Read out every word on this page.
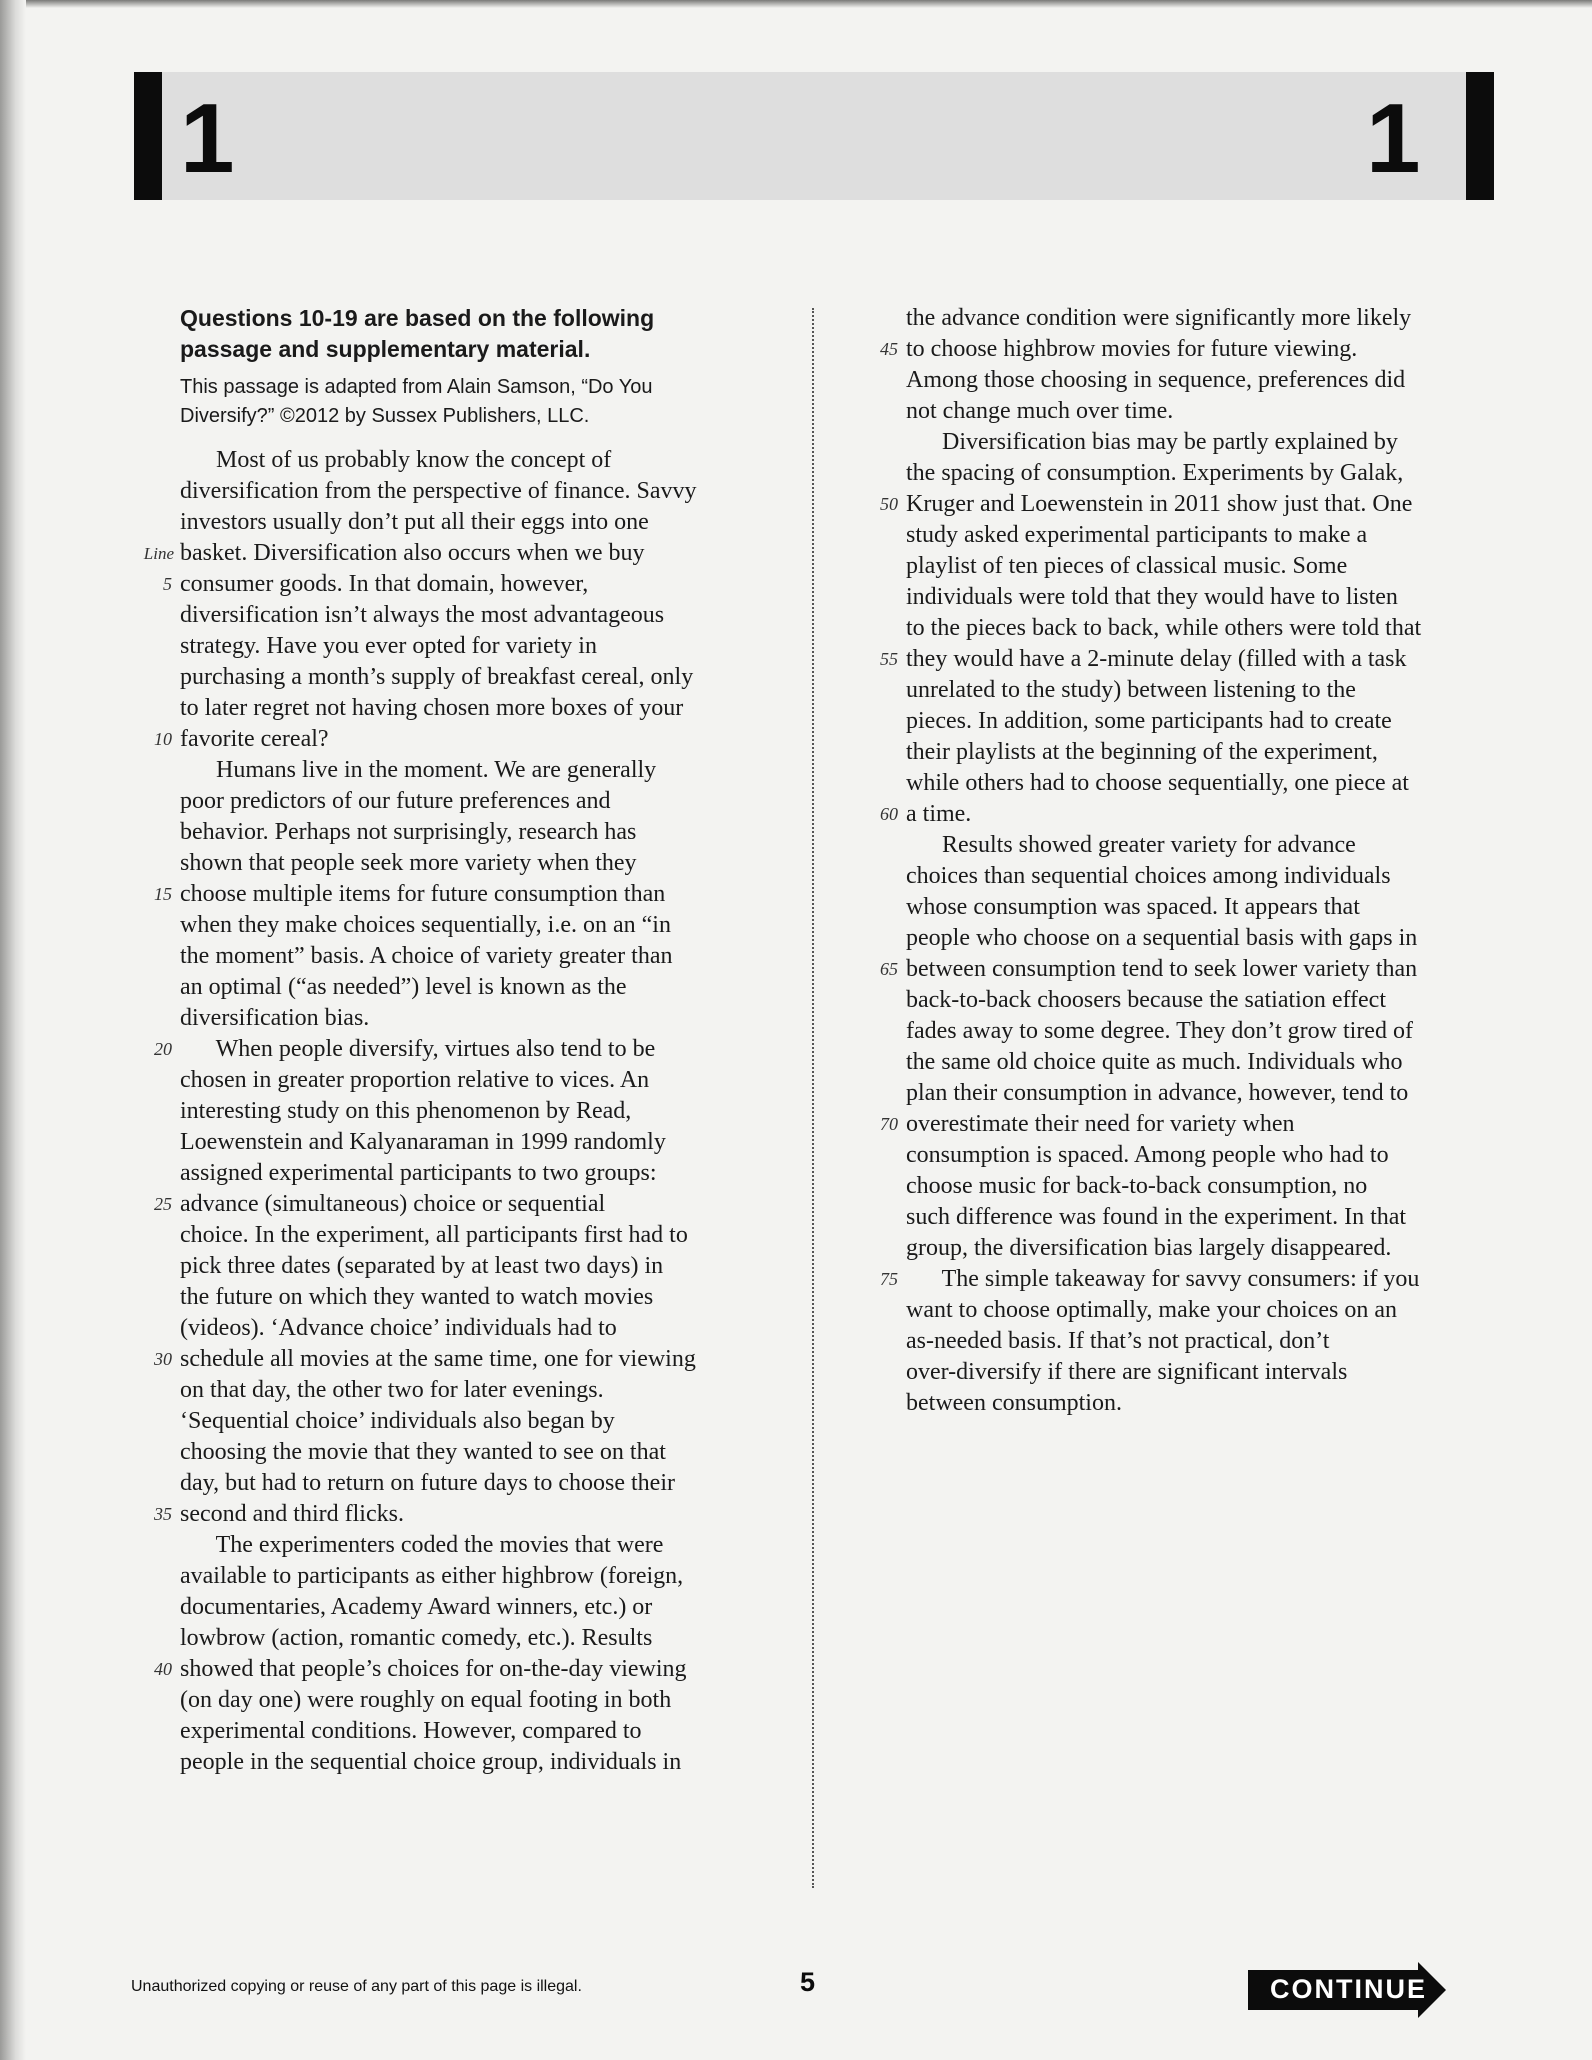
1	1
Questions 10-19 are based on the following
passage and supplementary material.
This passage is adapted from Alain Samson, “Do You
Diversify?” ©2012 by Sussex Publishers, LLC.
Most of us probably know the concept of
diversification from the perspective of finance. Savvy
investors usually don’t put all their eggs into one
Line basket. Diversification also occurs when we buy
5 consumer goods. In that domain, however,
diversification isn’t always the most advantageous
strategy. Have you ever opted for variety in
purchasing a month’s supply of breakfast cereal, only
to later regret not having chosen more boxes of your
10 favorite cereal?
Humans live in the moment. We are generally
poor predictors of our future preferences and
behavior. Perhaps not surprisingly, research has
shown that people seek more variety when they
15 choose multiple items for future consumption than
when they make choices sequentially, i.e. on an “in
the moment” basis. A choice of variety greater than
an optimal (“as needed”) level is known as the
diversification bias.
20 When people diversify, virtues also tend to be
chosen in greater proportion relative to vices. An
interesting study on this phenomenon by Read,
Loewenstein and Kalyanaraman in 1999 randomly
assigned experimental participants to two groups:
25 advance (simultaneous) choice or sequential
choice. In the experiment, all participants first had to
pick three dates (separated by at least two days) in
the future on which they wanted to watch movies
(videos). ‘Advance choice’ individuals had to
30 schedule all movies at the same time, one for viewing
on that day, the other two for later evenings.
‘Sequential choice’ individuals also began by
choosing the movie that they wanted to see on that
day, but had to return on future days to choose their
35 second and third flicks.
The experimenters coded the movies that were
available to participants as either highbrow (foreign,
documentaries, Academy Award winners, etc.) or
lowbrow (action, romantic comedy, etc.). Results
40 showed that people’s choices for on-the-day viewing
(on day one) were roughly on equal footing in both
experimental conditions. However, compared to
people in the sequential choice group, individuals in
the advance condition were significantly more likely
45 to choose highbrow movies for future viewing.
Among those choosing in sequence, preferences did
not change much over time.
Diversification bias may be partly explained by
the spacing of consumption. Experiments by Galak,
50 Kruger and Loewenstein in 2011 show just that. One
study asked experimental participants to make a
playlist of ten pieces of classical music. Some
individuals were told that they would have to listen
to the pieces back to back, while others were told that
55 they would have a 2-minute delay (filled with a task
unrelated to the study) between listening to the
pieces. In addition, some participants had to create
their playlists at the beginning of the experiment,
while others had to choose sequentially, one piece at
60 a time.
Results showed greater variety for advance
choices than sequential choices among individuals
whose consumption was spaced. It appears that
people who choose on a sequential basis with gaps in
65 between consumption tend to seek lower variety than
back-to-back choosers because the satiation effect
fades away to some degree. They don’t grow tired of
the same old choice quite as much. Individuals who
plan their consumption in advance, however, tend to
70 overestimate their need for variety when
consumption is spaced. Among people who had to
choose music for back-to-back consumption, no
such difference was found in the experiment. In that
group, the diversification bias largely disappeared.
75 The simple takeaway for savvy consumers: if you
want to choose optimally, make your choices on an
as-needed basis. If that’s not practical, don’t
over-diversify if there are significant intervals
between consumption.
Unauthorized copying or reuse of any part of this page is illegal.	5	CONTINUE
